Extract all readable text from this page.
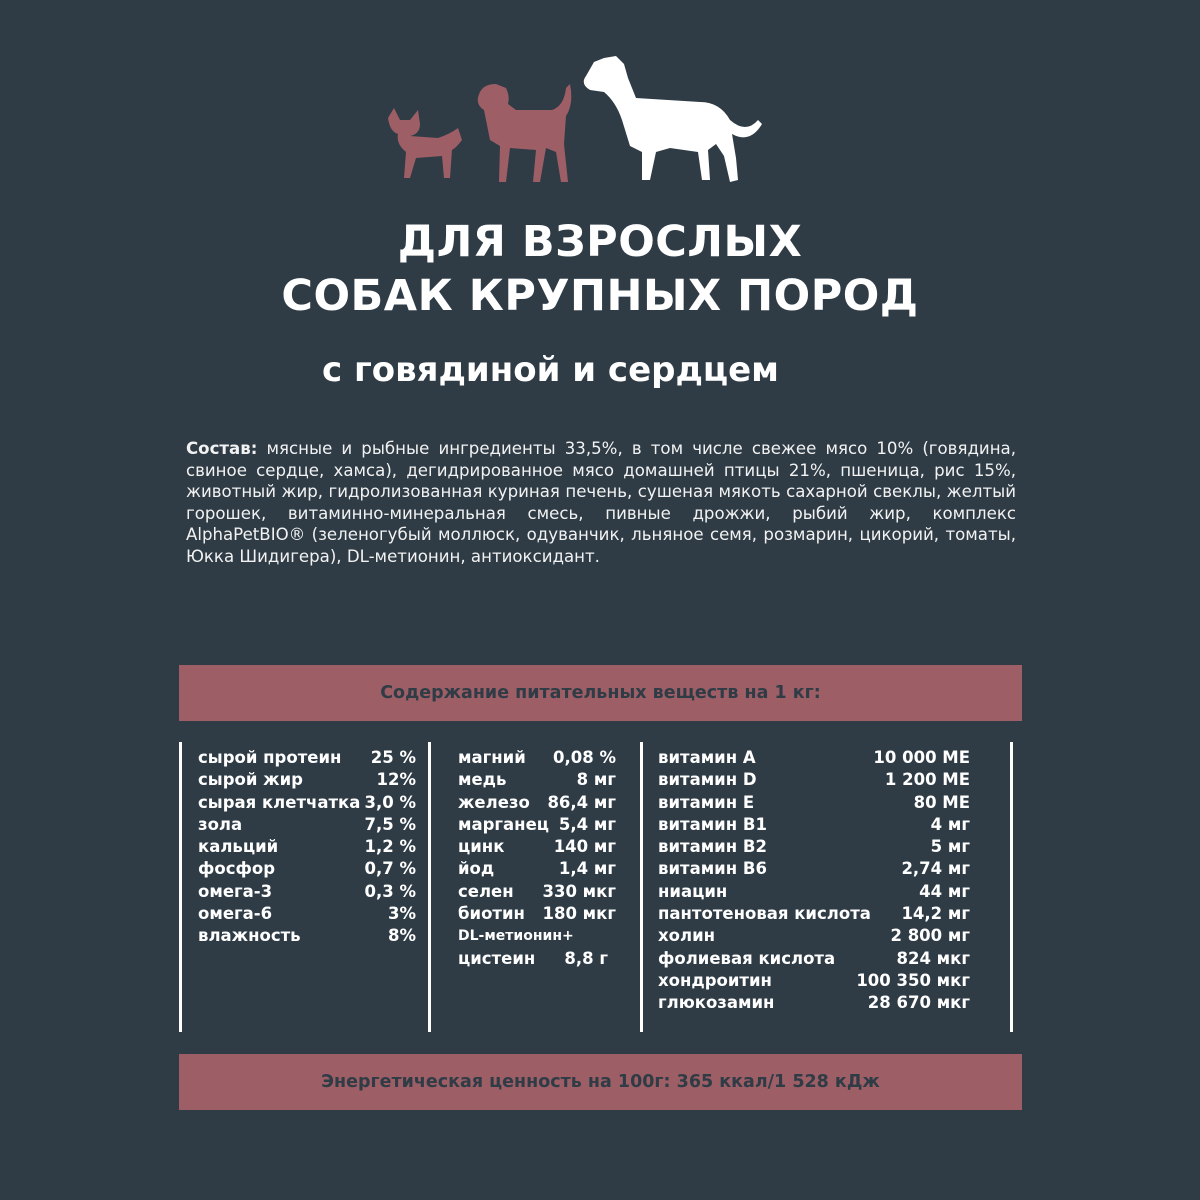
ДЛЯ ВЗРОСЛЫХ
СОБАК КРУПНЫХ ПОРОД
с говядиной и сердцем
Состав: мясные и рыбные ингредиенты 33,5%, в том числе свежее мясо 10% (говядина, свиное сердце, хамса), дегидрированное мясо домашней птицы 21%, пшеница, рис 15%, животный жир, гидролизованная куриная печень, сушеная мякоть сахарной свеклы, желтый горошек, витаминно-минеральная смесь, пивные дрожжи, рыбий жир, комплекс AlphaPetBIO® (зеленогубый моллюск, одуванчик, льняное семя, розмарин, цикорий, томаты, Юкка Шидигера), DL-метионин, антиоксидант.
Содержание питательных веществ на 1 кг:
сырой протеин 25 %
сырой жир	12%
сырая клетчатка 3,0 %
зола	7,5 %
кальций	1,2 %
фосфор	0,7 %
омега-3	0,3 %
омега-6	3%
влажность	8%
магний 0,08 %
медь	8 мг
железо 86,4 мг
марганец 5,4 мг
цинк	140 мг
йод	1,4 мг
селен 330 мкг
биотин 180 мкг
DL-метионин+
цистеин 8,8 г
витамин А	10 000 МЕ
витамин D	1 200 МЕ
витамин Е	80 МЕ
витамин В1	4 мг
витамин В2	5 мг
витамин В6	2,74 мг
ниацин	44 мг
пантотеновая кислота 14,2 мг
холин	2 800 мг
фолиевая кислота	824 мкг
хондроитин	100 350 мкг
глюкозамин	28 670 мкг
Энергетическая ценность на 100г: 365 ккал/1 528 кДж
